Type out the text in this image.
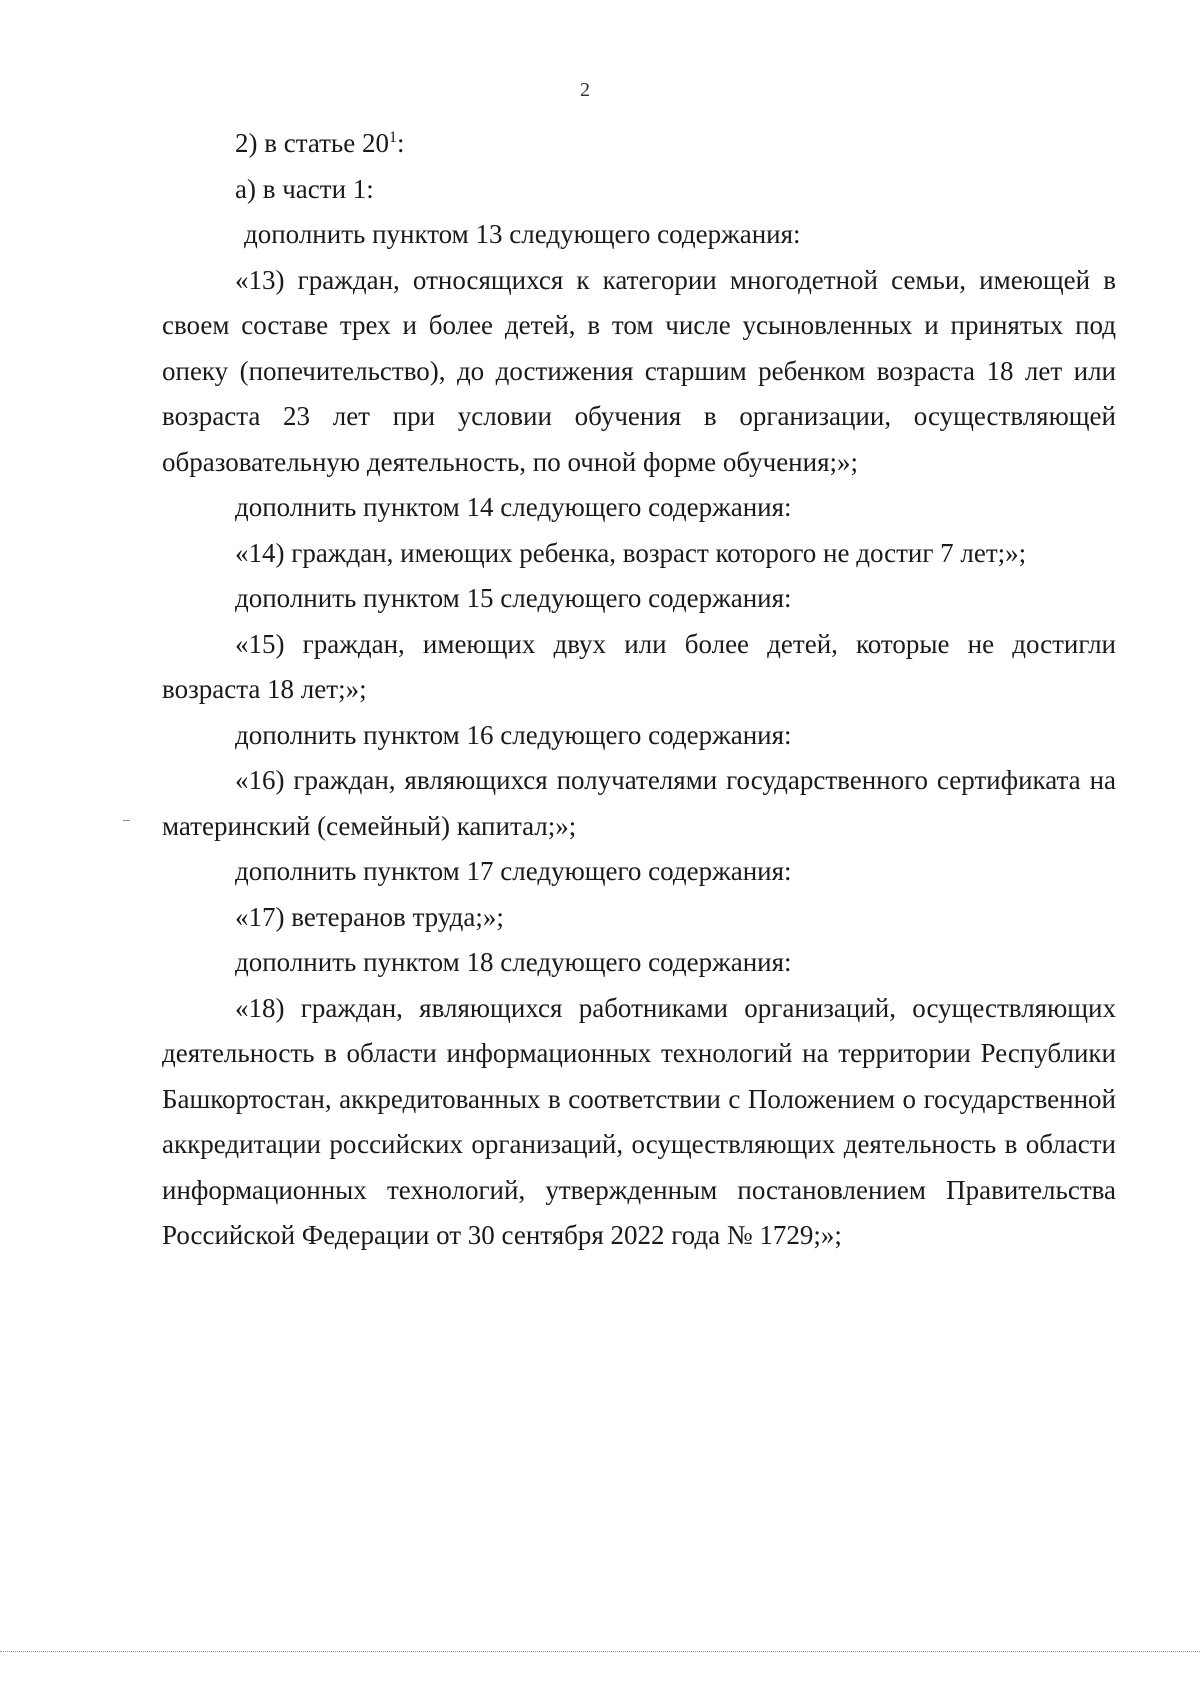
2

2) в статье $20^1$:

а) в части 1:

дополнить пунктом 13 следующего содержания:

«13) граждан, относящихся к категории многодетной семьи, имеющей в своем составе трех и более детей, в том числе усыновленных и принятых под опеку (попечительство), до достижения старшим ребенком возраста 18 лет или возраста 23 лет при условии обучения в организации, осуществляющей образовательную деятельность, по очной форме обучения;»;

дополнить пунктом 14 следующего содержания:

«14) граждан, имеющих ребенка, возраст которого не достиг 7 лет;»;

дополнить пунктом 15 следующего содержания:

«15) граждан, имеющих двух или более детей, которые не достигли возраста 18 лет;»;

дополнить пунктом 16 следующего содержания:

«16) граждан, являющихся получателями государственного сертификата на материнский (семейный) капитал;»;

дополнить пунктом 17 следующего содержания:

«17) ветеранов труда;»;

дополнить пунктом 18 следующего содержания:

«18) граждан, являющихся работниками организаций, осуществляющих деятельность в области информационных технологий на территории Республики Башкортостан, аккредитованных в соответствии с Положением о государственной аккредитации российских организаций, осуществляющих деятельность в области информационных технологий, утвержденным постановлением Правительства Российской Федерации от 30 сентября 2022 года № 1729;»;
